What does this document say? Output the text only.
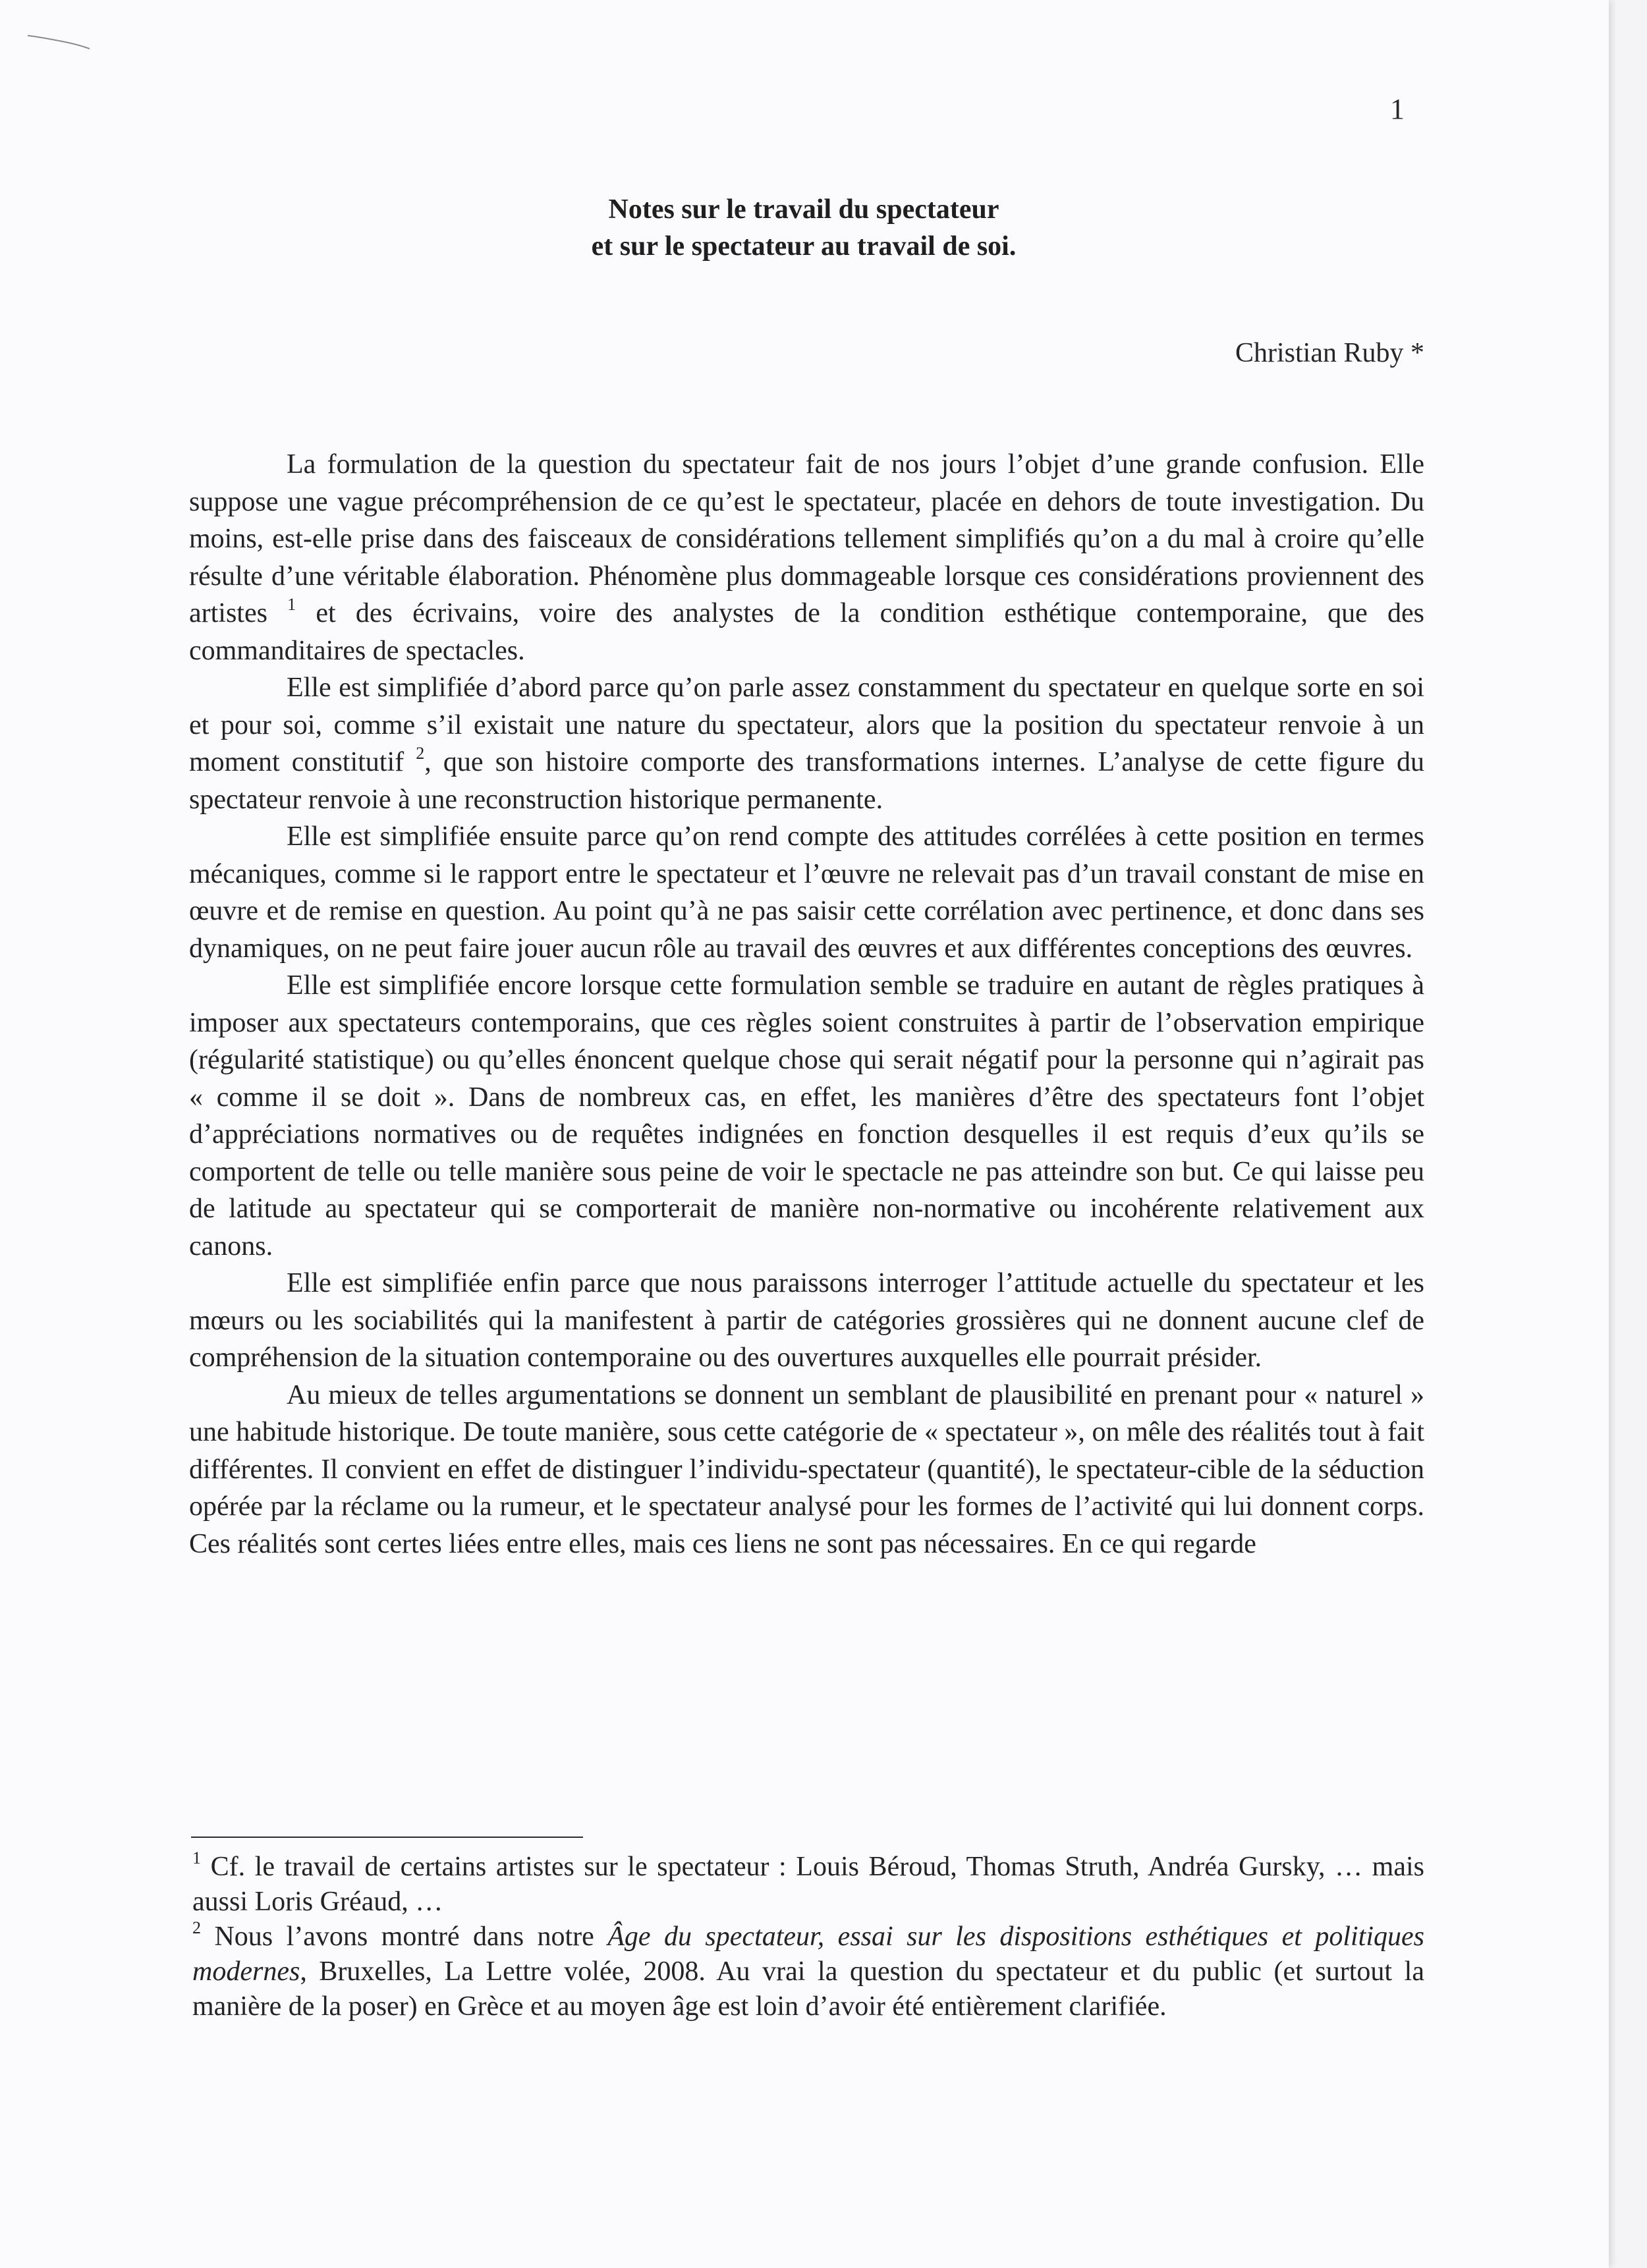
1
Notes sur le travail du spectateur
et sur le spectateur au travail de soi.
Christian Ruby *

La formulation de la question du spectateur fait de nos jours l’objet d’une grande confusion. Elle suppose une vague précompréhension de ce qu’est le spectateur, placée en dehors de toute investigation. Du moins, est-elle prise dans des faisceaux de considérations tellement simplifiés qu’on a du mal à croire qu’elle résulte d’une véritable élaboration. Phénomène plus dommageable lorsque ces considérations proviennent des artistes $^1$ et des écrivains, voire des analystes de la condition esthétique contemporaine, que des commanditaires de spectacles.

Elle est simplifiée d’abord parce qu’on parle assez constamment du spectateur en quelque sorte en soi et pour soi, comme s’il existait une nature du spectateur, alors que la position du spectateur renvoie à un moment constitutif $^2$, que son histoire comporte des transformations internes. L’analyse de cette figure du spectateur renvoie à une reconstruction historique permanente.

Elle est simplifiée ensuite parce qu’on rend compte des attitudes corrélées à cette position en termes mécaniques, comme si le rapport entre le spectateur et l’œuvre ne relevait pas d’un travail constant de mise en œuvre et de remise en question. Au point qu’à ne pas saisir cette corrélation avec pertinence, et donc dans ses dynamiques, on ne peut faire jouer aucun rôle au travail des œuvres et aux différentes conceptions des œuvres.

Elle est simplifiée encore lorsque cette formulation semble se traduire en autant de règles pratiques à imposer aux spectateurs contemporains, que ces règles soient construites à partir de l’observation empirique (régularité statistique) ou qu’elles énoncent quelque chose qui serait négatif pour la personne qui n’agirait pas « comme il se doit ». Dans de nombreux cas, en effet, les manières d’être des spectateurs font l’objet d’appréciations normatives ou de requêtes indignées en fonction desquelles il est requis d’eux qu’ils se comportent de telle ou telle manière sous peine de voir le spectacle ne pas atteindre son but. Ce qui laisse peu de latitude au spectateur qui se comporterait de manière non-normative ou incohérente relativement aux canons.

Elle est simplifiée enfin parce que nous paraissons interroger l’attitude actuelle du spectateur et les mœurs ou les sociabilités qui la manifestent à partir de catégories grossières qui ne donnent aucune clef de compréhension de la situation contemporaine ou des ouvertures auxquelles elle pourrait présider.

Au mieux de telles argumentations se donnent un semblant de plausibilité en prenant pour « naturel » une habitude historique. De toute manière, sous cette catégorie de « spectateur », on mêle des réalités tout à fait différentes. Il convient en effet de distinguer l’individu-spectateur (quantité), le spectateur-cible de la séduction opérée par la réclame ou la rumeur, et le spectateur analysé pour les formes de l’activité qui lui donnent corps. Ces réalités sont certes liées entre elles, mais ces liens ne sont pas nécessaires. En ce qui regarde

$^1$ Cf. le travail de certains artistes sur le spectateur : Louis Béroud, Thomas Struth, Andréa Gursky, … mais aussi Loris Gréaud, …

$^2$ Nous l’avons montré dans notre Âge du spectateur, essai sur les dispositions esthétiques et politiques modernes, Bruxelles, La Lettre volée, 2008. Au vrai la question du spectateur et du public (et surtout la manière de la poser) en Grèce et au moyen âge est loin d’avoir été entièrement clarifiée.
